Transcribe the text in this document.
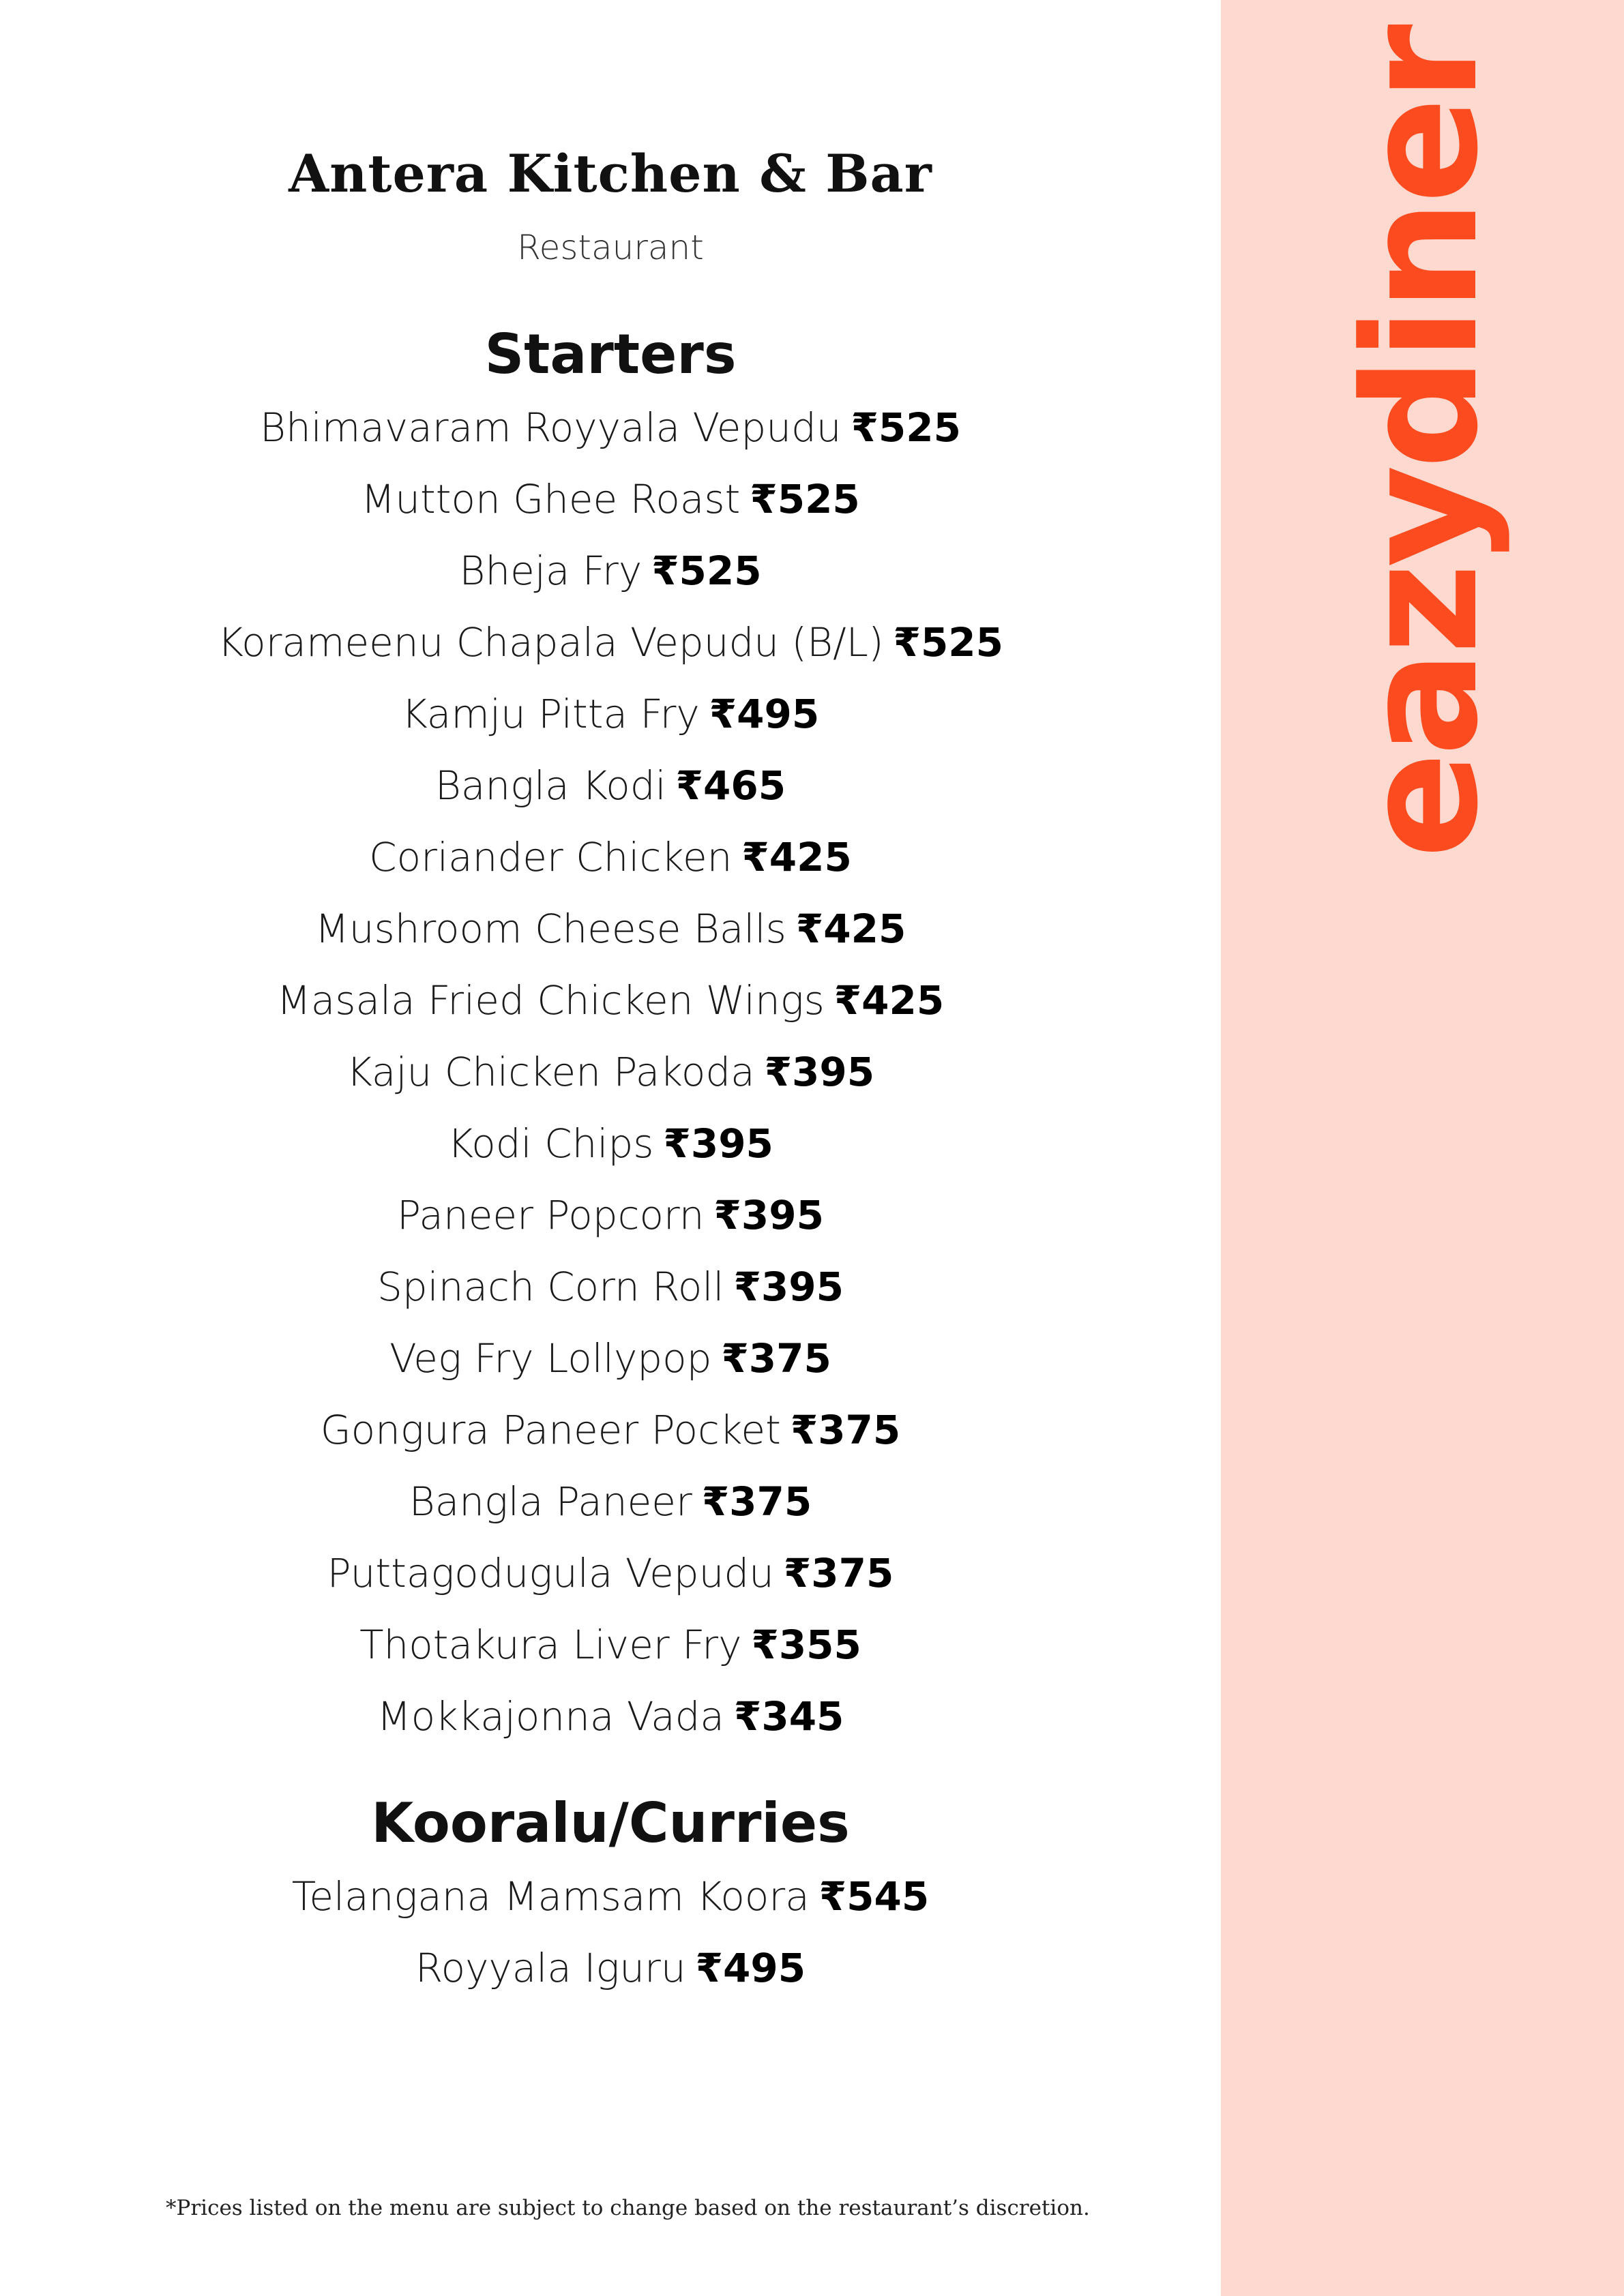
Antera Kitchen & Bar
Restaurant
Starters
Bhimavaram Royyala Vepudu ₹525
Mutton Ghee Roast ₹525
Bheja Fry ₹525
Korameenu Chapala Vepudu (B/L) ₹525
Kamju Pitta Fry ₹495
Bangla Kodi ₹465
Coriander Chicken ₹425
Mushroom Cheese Balls ₹425
Masala Fried Chicken Wings ₹425
Kaju Chicken Pakoda ₹395
Kodi Chips ₹395
Paneer Popcorn ₹395
Spinach Corn Roll ₹395
Veg Fry Lollypop ₹375
Gongura Paneer Pocket ₹375
Bangla Paneer ₹375
Puttagodugula Vepudu ₹375
Thotakura Liver Fry ₹355
Mokkajonna Vada ₹345
Kooralu/Curries
Telangana Mamsam Koora ₹545
Royyala Iguru ₹495
*Prices listed on the menu are subject to change based on the restaurant’s discretion.
eazydiner
